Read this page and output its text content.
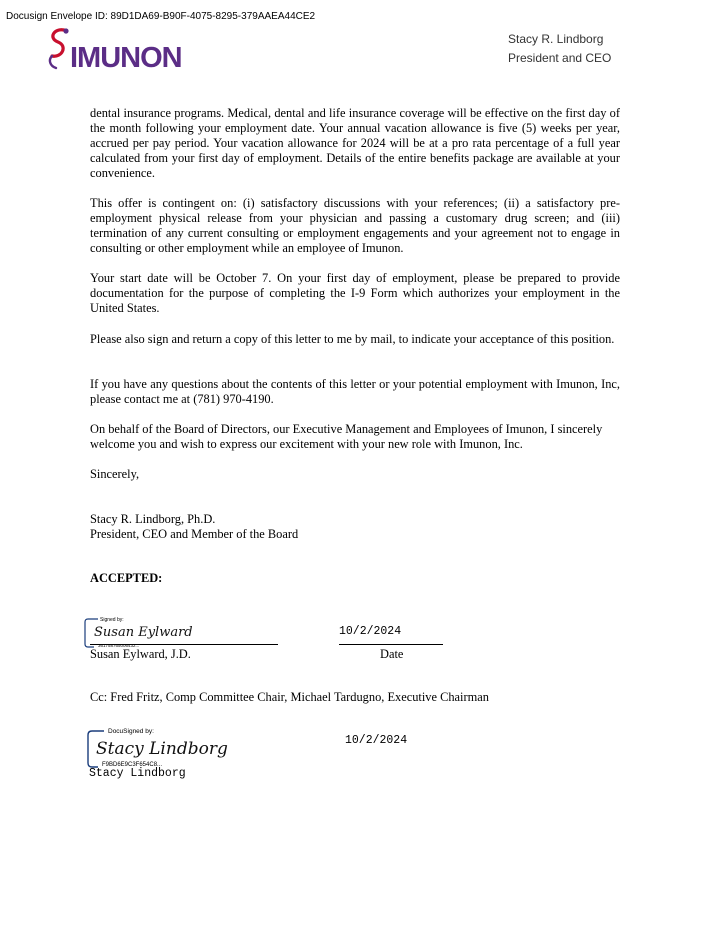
Docusign Envelope ID: 89D1DA69-B90F-4075-8295-379AAEA44CE2
IMUNON
Stacy R. Lindborg
President and CEO
dental insurance programs. Medical, dental and life insurance coverage will be effective on the first day of the month following your employment date. Your annual vacation allowance is five (5) weeks per year, accrued per pay period. Your vacation allowance for 2024 will be at a pro rata percentage of a full year calculated from your first day of employment. Details of the entire benefits package are available at your convenience.
This offer is contingent on: (i) satisfactory discussions with your references; (ii) a satisfactory pre-employment physical release from your physician and passing a customary drug screen; and (iii) termination of any current consulting or employment engagements and your agreement not to engage in consulting or other employment while an employee of Imunon.
Your start date will be October 7. On your first day of employment, please be prepared to provide documentation for the purpose of completing the I-9 Form which authorizes your employment in the United States.
Please also sign and return a copy of this letter to me by mail, to indicate your acceptance of this position.
If you have any questions about the contents of this letter or your potential employment with Imunon, Inc, please contact me at (781) 970-4190.
On behalf of the Board of Directors, our Executive Management and Employees of Imunon, I sincerely welcome you and wish to express our excitement with your new role with Imunon, Inc.
Sincerely,
Stacy R. Lindborg, Ph.D.
President, CEO and Member of the Board
ACCEPTED:
Signed by:
Susan Eylward
361758765006432...
10/2/2024
Susan Eylward, J.D.	Date
Cc: Fred Fritz, Comp Committee Chair, Michael Tardugno, Executive Chairman
DocuSigned by:
Stacy Lindborg
F9BD6E9C3F654C8...
Stacy Lindborg
10/2/2024
